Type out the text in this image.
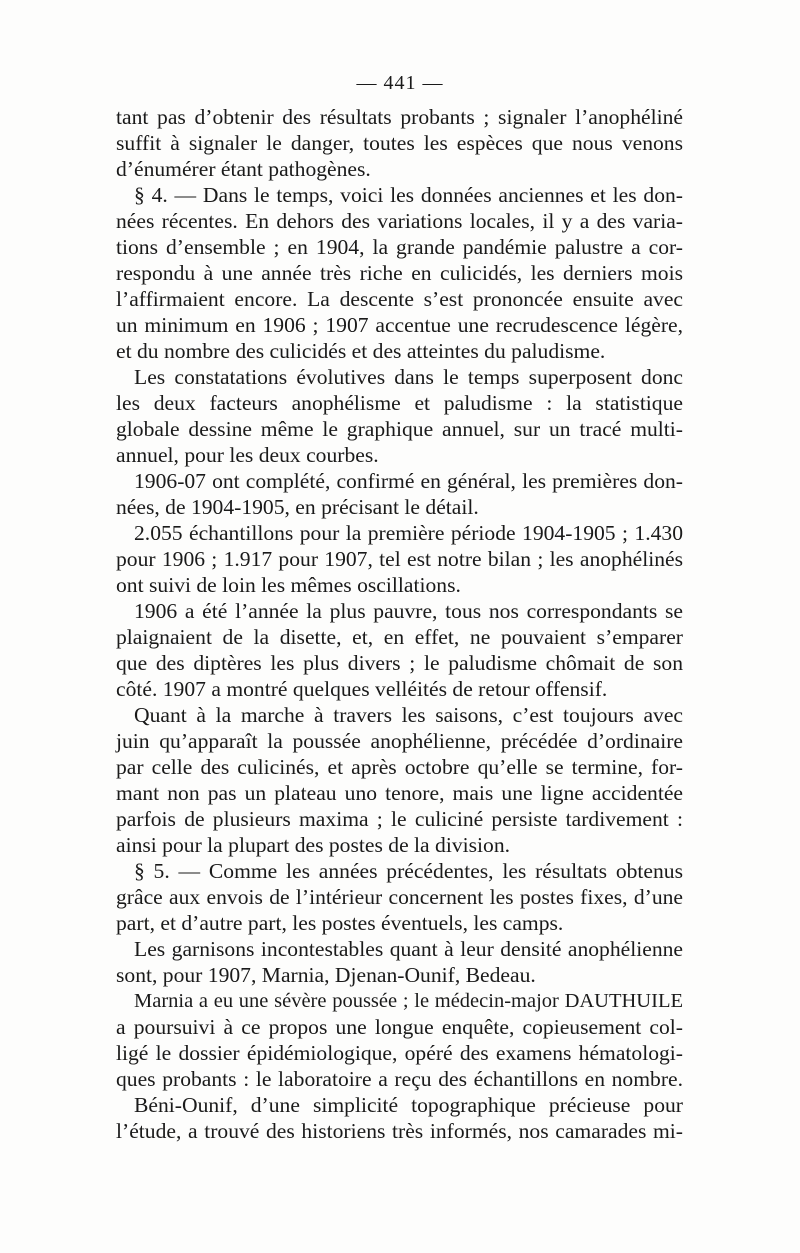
— 441 —
tant pas d’obtenir des résultats probants ; signaler l’anophéliné
suffit à signaler le danger, toutes les espèces que nous venons
d’énumérer étant pathogènes.
§ 4. — Dans le temps, voici les données anciennes et les don-
nées récentes. En dehors des variations locales, il y a des varia-
tions d’ensemble ; en 1904, la grande pandémie palustre a cor-
respondu à une année très riche en culicidés, les derniers mois
l’affirmaient encore. La descente s’est prononcée ensuite avec
un minimum en 1906 ; 1907 accentue une recrudescence légère,
et du nombre des culicidés et des atteintes du paludisme.
Les constatations évolutives dans le temps superposent donc
les deux facteurs anophélisme et paludisme : la statistique
globale dessine même le graphique annuel, sur un tracé multi-
annuel, pour les deux courbes.
1906-07 ont complété, confirmé en général, les premières don-
nées, de 1904-1905, en précisant le détail.
2.055 échantillons pour la première période 1904-1905 ; 1.430
pour 1906 ; 1.917 pour 1907, tel est notre bilan ; les anophélinés
ont suivi de loin les mêmes oscillations.
1906 a été l’année la plus pauvre, tous nos correspondants se
plaignaient de la disette, et, en effet, ne pouvaient s’emparer
que des diptères les plus divers ; le paludisme chômait de son
côté. 1907 a montré quelques velléités de retour offensif.
Quant à la marche à travers les saisons, c’est toujours avec
juin qu’apparaît la poussée anophélienne, précédée d’ordinaire
par celle des culicinés, et après octobre qu’elle se termine, for-
mant non pas un plateau uno tenore, mais une ligne accidentée
parfois de plusieurs maxima ; le culiciné persiste tardivement :
ainsi pour la plupart des postes de la division.
§ 5. — Comme les années précédentes, les résultats obtenus
grâce aux envois de l’intérieur concernent les postes fixes, d’une
part, et d’autre part, les postes éventuels, les camps.
Les garnisons incontestables quant à leur densité anophélienne
sont, pour 1907, Marnia, Djenan-Ounif, Bedeau.
Marnia a eu une sévère poussée ; le médecin-major DAUTHUILE
a poursuivi à ce propos une longue enquête, copieusement col-
ligé le dossier épidémiologique, opéré des examens hématologi-
ques probants : le laboratoire a reçu des échantillons en nombre.
Béni-Ounif, d’une simplicité topographique précieuse pour
l’étude, a trouvé des historiens très informés, nos camarades mi-
